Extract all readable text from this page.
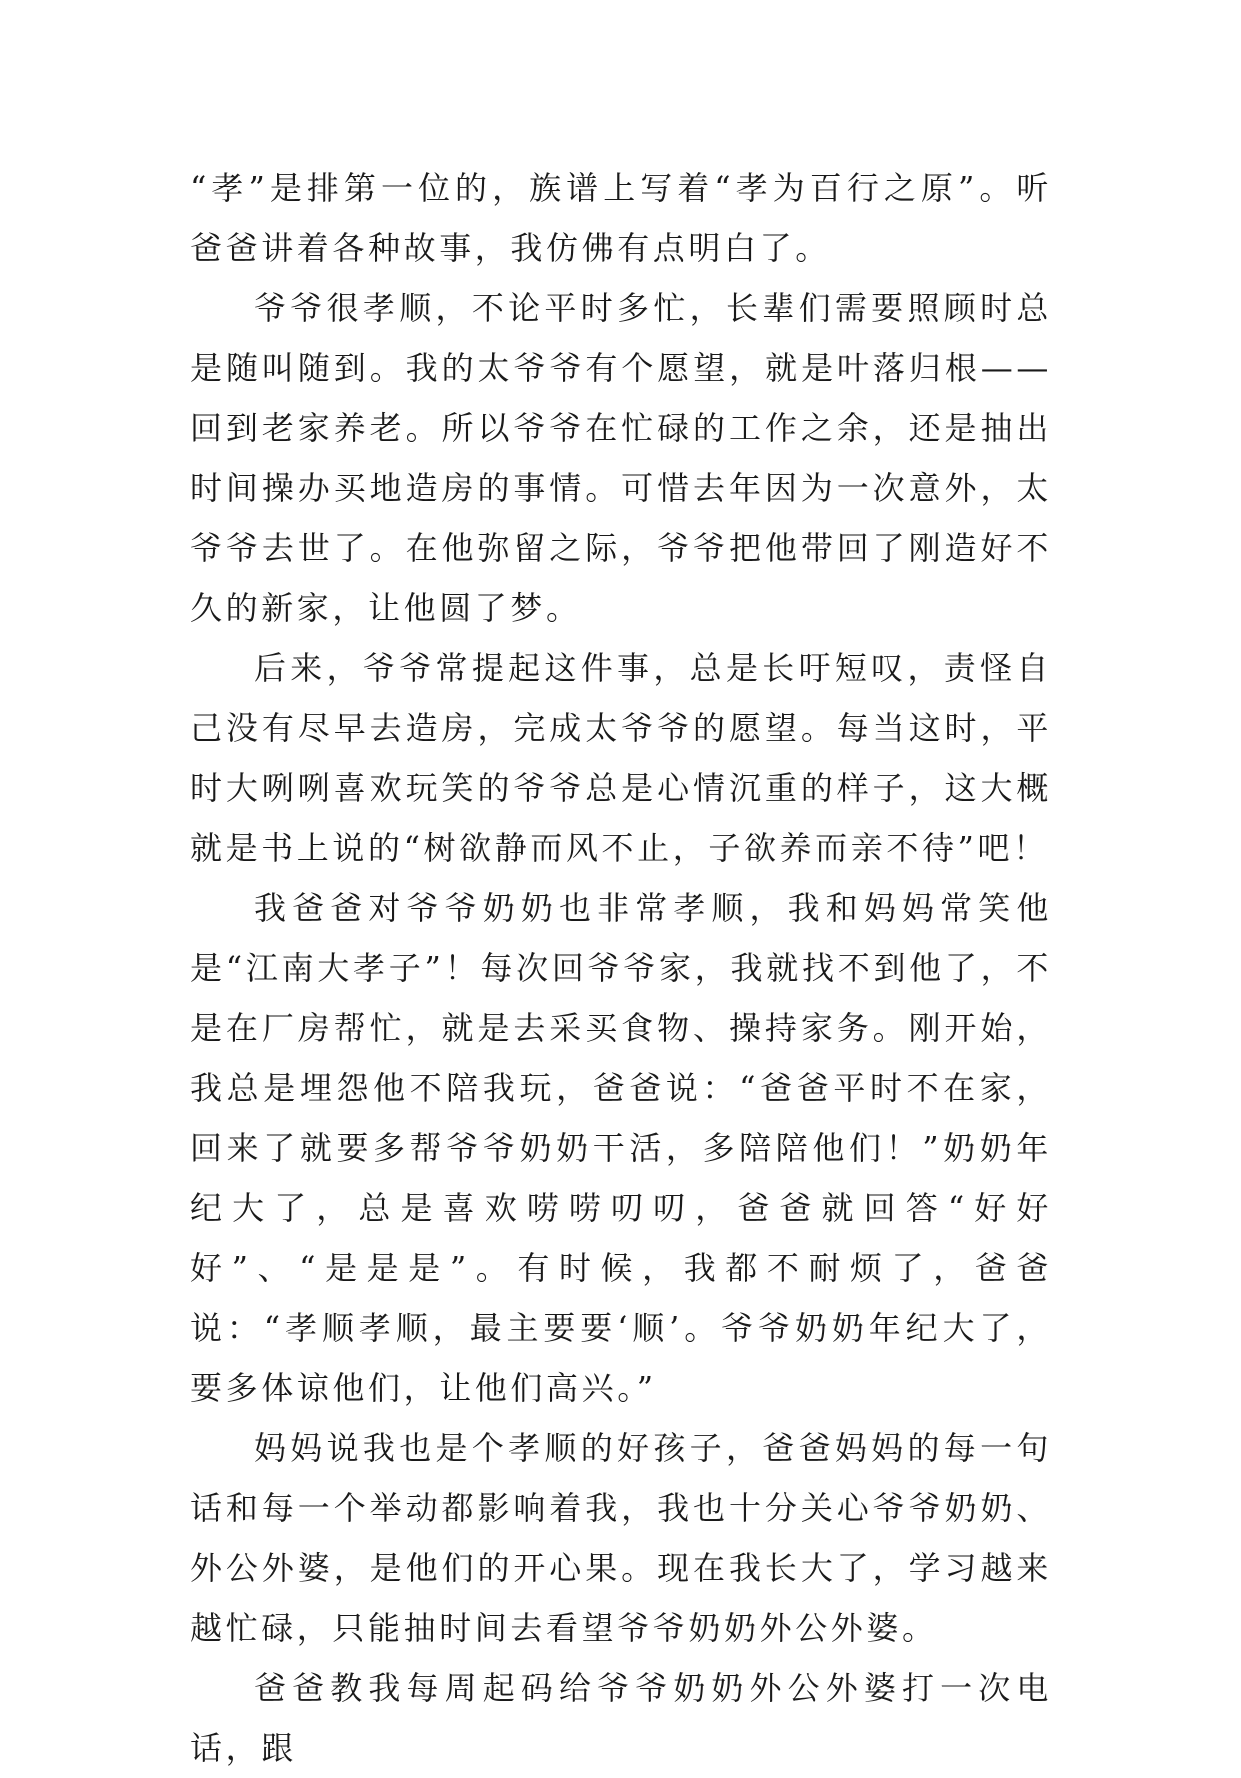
“孝”是排第一位的，族谱上写着“孝为百行之原”。听爸爸讲着各种故事，我仿佛有点明白了。

爷爷很孝顺，不论平时多忙，长辈们需要照顾时总是随叫随到。我的太爷爷有个愿望，就是叶落归根——回到老家养老。所以爷爷在忙碌的工作之余，还是抽出时间操办买地造房的事情。可惜去年因为一次意外，太爷爷去世了。在他弥留之际，爷爷把他带回了刚造好不久的新家，让他圆了梦。

后来，爷爷常提起这件事，总是长吁短叹，责怪自己没有尽早去造房，完成太爷爷的愿望。每当这时，平时大咧咧喜欢玩笑的爷爷总是心情沉重的样子，这大概就是书上说的“树欲静而风不止，子欲养而亲不待”吧！

我爸爸对爷爷奶奶也非常孝顺，我和妈妈常笑他是“江南大孝子”！每次回爷爷家，我就找不到他了，不是在厂房帮忙，就是去采买食物、操持家务。刚开始，我总是埋怨他不陪我玩，爸爸说：“爸爸平时不在家，回来了就要多帮爷爷奶奶干活，多陪陪他们！”奶奶年纪大了，总是喜欢唠唠叨叨，爸爸就回答“好好好”、“是是是”。有时候，我都不耐烦了，爸爸说：“孝顺孝顺，最主要要‘顺’。爷爷奶奶年纪大了，要多体谅他们，让他们高兴。”

妈妈说我也是个孝顺的好孩子，爸爸妈妈的每一句话和每一个举动都影响着我，我也十分关心爷爷奶奶、外公外婆，是他们的开心果。现在我长大了，学习越来越忙碌，只能抽时间去看望爷爷奶奶外公外婆。

爸爸教我每周起码给爷爷奶奶外公外婆打一次电话，跟
